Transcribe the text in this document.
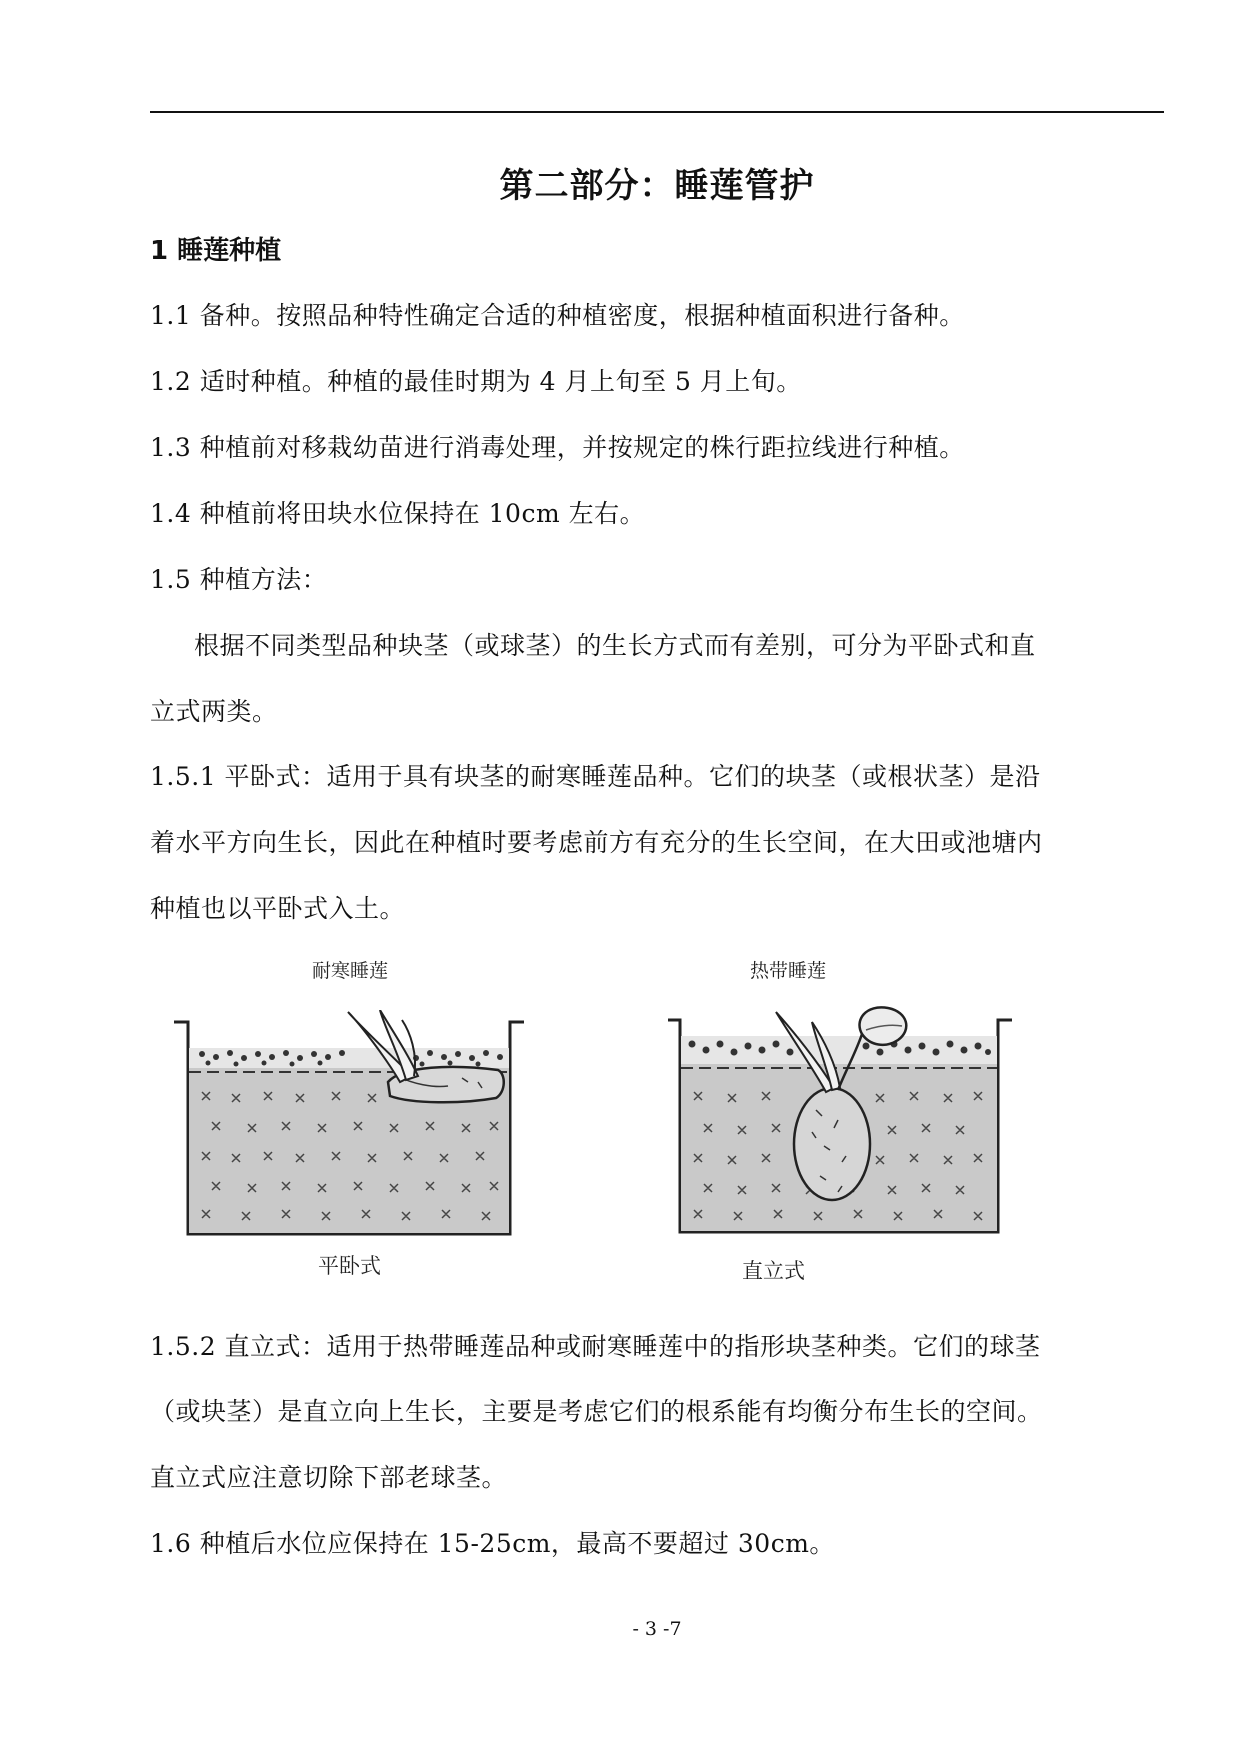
第二部分：睡莲管护
1 睡莲种植
1.1 备种。按照品种特性确定合适的种植密度，根据种植面积进行备种。
1.2 适时种植。种植的最佳时期为 4 月上旬至 5 月上旬。
1.3 种植前对移栽幼苗进行消毒处理，并按规定的株行距拉线进行种植。
1.4 种植前将田块水位保持在 10cm 左右。
1.5 种植方法：
根据不同类型品种块茎（或球茎）的生长方式而有差别，可分为平卧式和直
立式两类。
1.5.1 平卧式：适用于具有块茎的耐寒睡莲品种。它们的块茎（或根状茎）是沿
着水平方向生长，因此在种植时要考虑前方有充分的生长空间，在大田或池塘内
种植也以平卧式入土。
耐寒睡莲	热带睡莲
平卧式	直立式
1.5.2 直立式：适用于热带睡莲品种或耐寒睡莲中的指形块茎种类。它们的球茎
（或块茎）是直立向上生长，主要是考虑它们的根系能有均衡分布生长的空间。
直立式应注意切除下部老球茎。
1.6 种植后水位应保持在 15-25cm，最高不要超过 30cm。
- 3 -7
